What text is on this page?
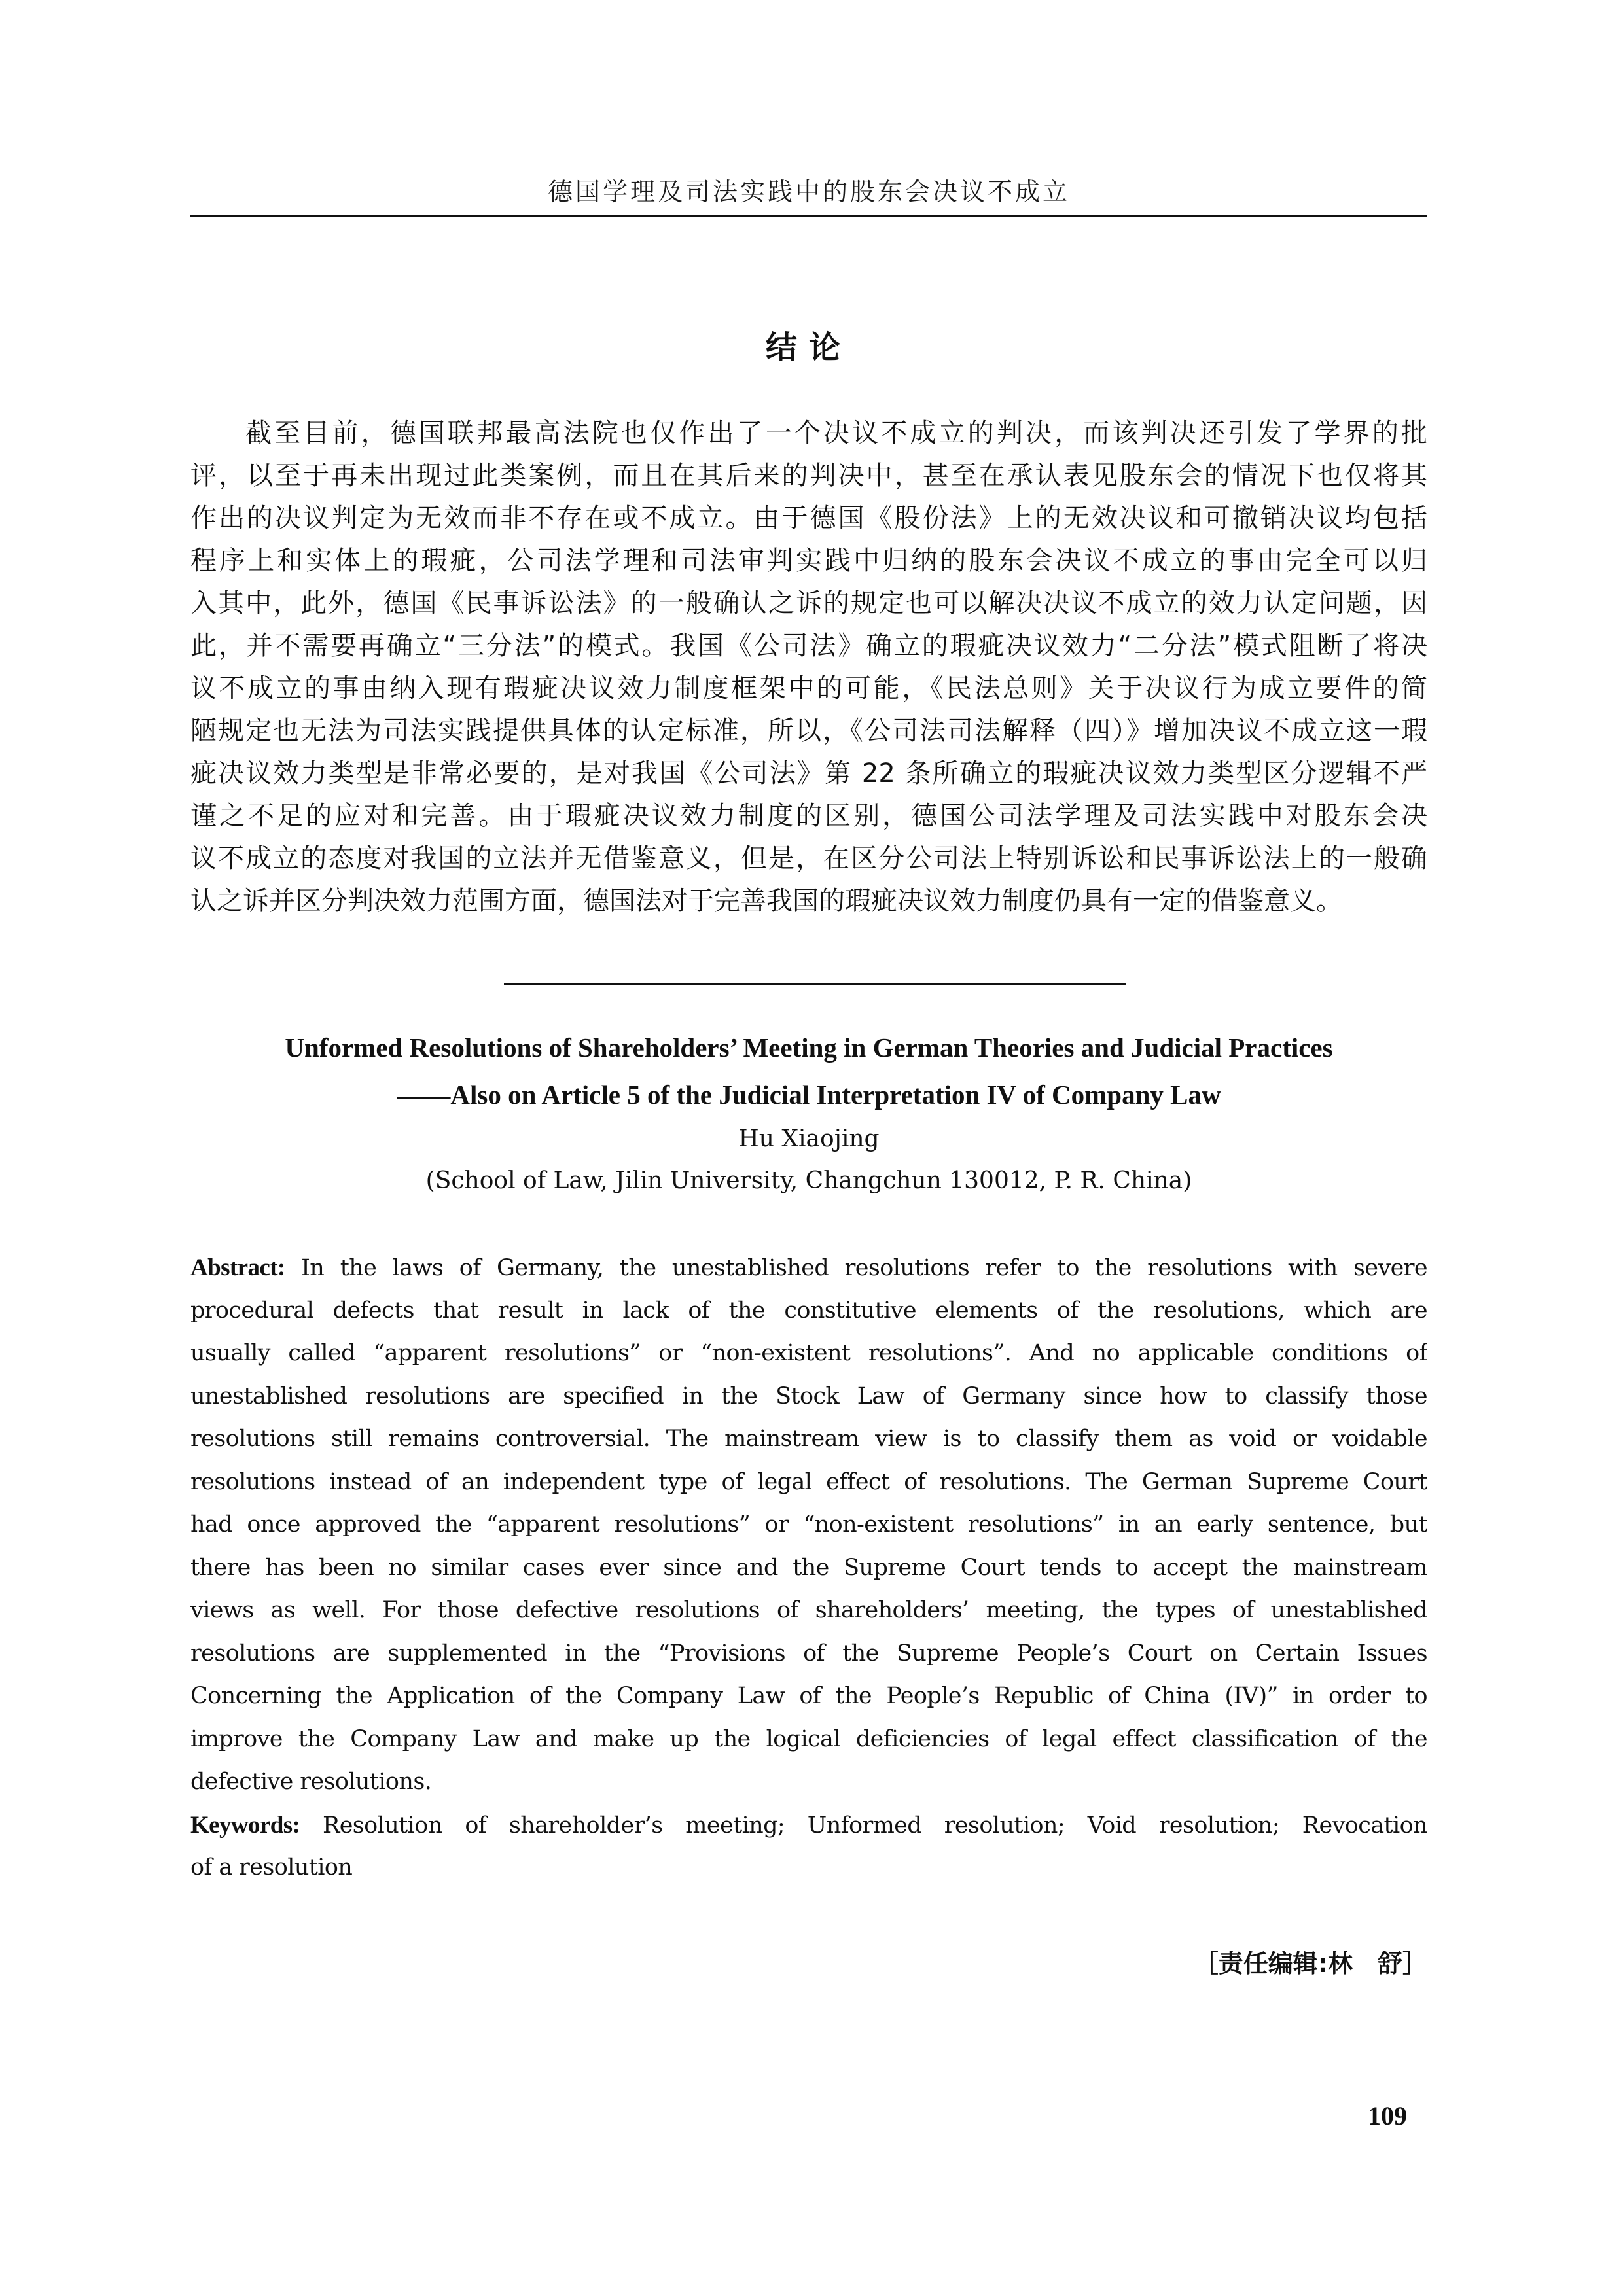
德国学理及司法实践中的股东会决议不成立
结论
截至目前，德国联邦最高法院也仅作出了一个决议不成立的判决，而该判决还引发了学界的批
评，以至于再未出现过此类案例，而且在其后来的判决中，甚至在承认表见股东会的情况下也仅将其
作出的决议判定为无效而非不存在或不成立。由于德国《股份法》上的无效决议和可撤销决议均包括
程序上和实体上的瑕疵，公司法学理和司法审判实践中归纳的股东会决议不成立的事由完全可以归
入其中，此外，德国《民事诉讼法》的一般确认之诉的规定也可以解决决议不成立的效力认定问题，因
此，并不需要再确立“三分法”的模式。我国《公司法》确立的瑕疵决议效力“二分法”模式阻断了将决
议不成立的事由纳入现有瑕疵决议效力制度框架中的可能，《民法总则》关于决议行为成立要件的简
陋规定也无法为司法实践提供具体的认定标准，所以，《公司法司法解释（四）》增加决议不成立这一瑕
疵决议效力类型是非常必要的，是对我国《公司法》第 22 条所确立的瑕疵决议效力类型区分逻辑不严
谨之不足的应对和完善。由于瑕疵决议效力制度的区别，德国公司法学理及司法实践中对股东会决
议不成立的态度对我国的立法并无借鉴意义，但是，在区分公司法上特别诉讼和民事诉讼法上的一般确
认之诉并区分判决效力范围方面，德国法对于完善我国的瑕疵决议效力制度仍具有一定的借鉴意义。
Unformed Resolutions of Shareholders’ Meeting in German Theories and Judicial Practices
——Also on Article 5 of the Judicial Interpretation IV of Company Law
Hu Xiaojing
(School of Law, Jilin University, Changchun 130012, P. R. China)
Abstract: In the laws of Germany, the unestablished resolutions refer to the resolutions with severe
procedural defects that result in lack of the constitutive elements of the resolutions, which are
usually called “apparent resolutions” or “non-existent resolutions”. And no applicable conditions of
unestablished resolutions are specified in the Stock Law of Germany since how to classify those
resolutions still remains controversial. The mainstream view is to classify them as void or voidable
resolutions instead of an independent type of legal effect of resolutions. The German Supreme Court
had once approved the “apparent resolutions” or “non-existent resolutions” in an early sentence, but
there has been no similar cases ever since and the Supreme Court tends to accept the mainstream
views as well. For those defective resolutions of shareholders’ meeting, the types of unestablished
resolutions are supplemented in the “Provisions of the Supreme People’s Court on Certain Issues
Concerning the Application of the Company Law of the People’s Republic of China (IV)” in order to
improve the Company Law and make up the logical deficiencies of legal effect classification of the
defective resolutions.
Keywords: Resolution of shareholder’s meeting; Unformed resolution; Void resolution; Revocation
of a resolution
［责任编辑:林　舒］
109
